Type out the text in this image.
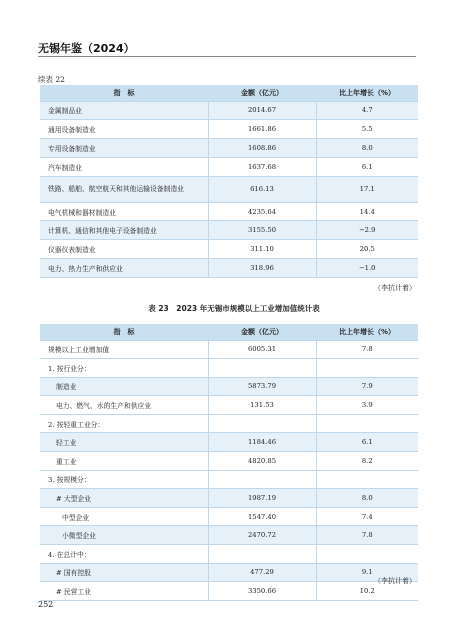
无锡年鉴（2024）
续表 22
指　标	金额（亿元）	比上年增长（%）
金属制品业	2014.67	4.7
通用设备制造业	1661.86	5.5
专用设备制造业	1608.86	8.0
汽车制造业	1637.68	6.1
铁路、船舶、航空航天和其他运输设备制造业	616.13	17.1
电气机械和器材制造业	4235.64	14.4
计算机、通信和其他电子设备制造业	3155.50	−2.9
仪器仪表制造业	311.10	20.5
电力、热力生产和供应业	318.96	−1.0
（李抗计着）
表 23　2023 年无锡市规模以上工业增加值统计表
指　标	金额（亿元）	比上年增长（%）
规模以上工业增加值	6005.31	7.8
1. 按行业分：		
制造业	5873.79	7.9
电力、燃气、水的生产和供应业	131.53	3.9
2. 按轻重工业分：		
轻工业	1184.46	6.1
重工业	4820.85	8.2
3. 按规模分：		
# 大型企业	1987.19	8.0
中型企业	1547.40	7.4
小微型企业	2470.72	7.8
4. 在总计中：		
# 国有控股	477.29	9.1
# 民营工业	3350.66	10.2
（李抗计着）
252
